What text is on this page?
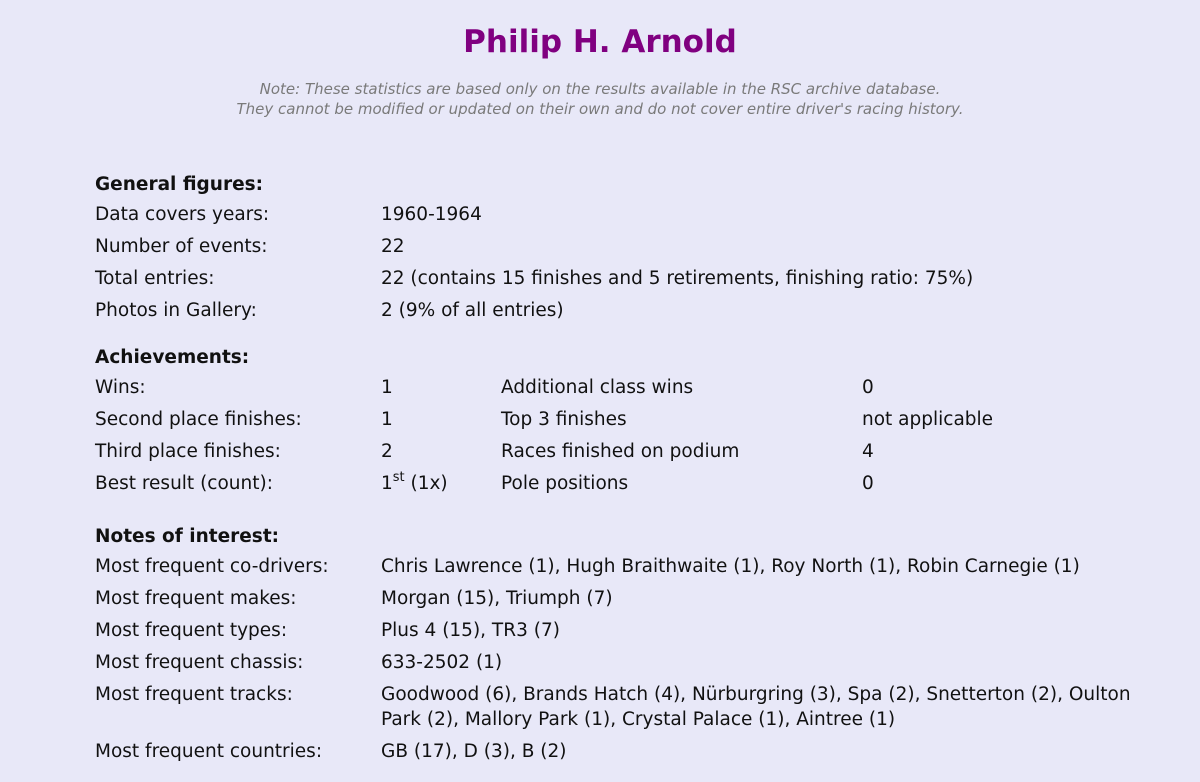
Philip H. Arnold
Note: These statistics are based only on the results available in the RSC archive database.
They cannot be modified or updated on their own and do not cover entire driver's racing history.
General figures:
Data covers years:	1960-1964
Number of events:	22
Total entries:	22 (contains 15 finishes and 5 retirements, finishing ratio: 75%)
Photos in Gallery:	2 (9% of all entries)
Achievements:
Wins:	1	Additional class wins	0
Second place finishes:	1	Top 3 finishes	not applicable
Third place finishes:	2	Races finished on podium	4
Best result (count):	1st (1x)	Pole positions	0
Notes of interest:
Most frequent co-drivers:	Chris Lawrence (1), Hugh Braithwaite (1), Roy North (1), Robin Carnegie (1)
Most frequent makes:	Morgan (15), Triumph (7)
Most frequent types:	Plus 4 (15), TR3 (7)
Most frequent chassis:	633-2502 (1)
Most frequent tracks:	Goodwood (6), Brands Hatch (4), Nürburgring (3), Spa (2), Snetterton (2), Oulton Park (2), Mallory Park (1), Crystal Palace (1), Aintree (1)
Most frequent countries:	GB (17), D (3), B (2)
